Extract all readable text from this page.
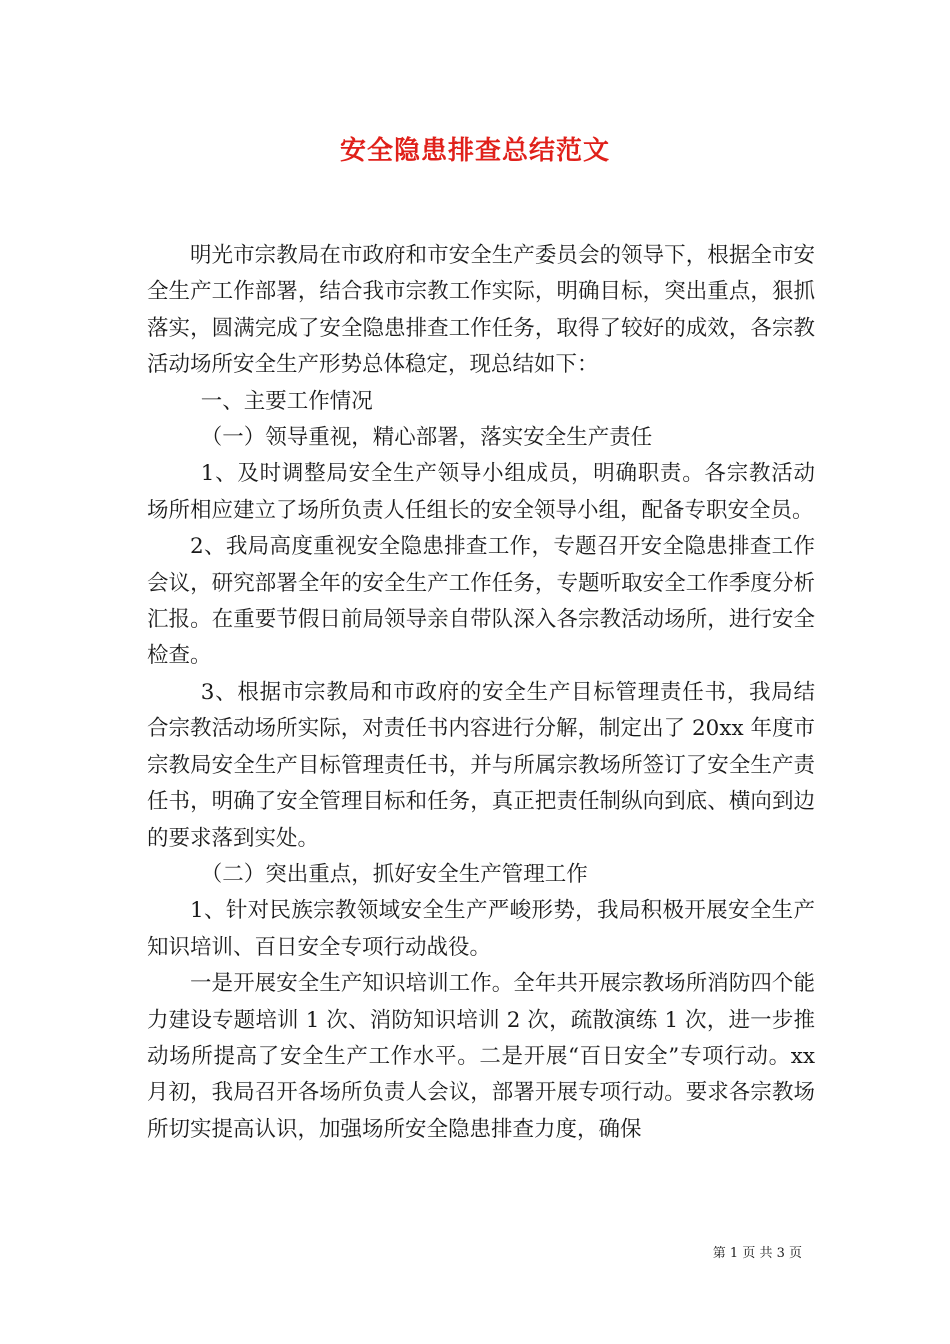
安全隐患排查总结范文

明光市宗教局在市政府和市安全生产委员会的领导下，根据全市安全生产工作部署，结合我市宗教工作实际，明确目标，突出重点，狠抓落实，圆满完成了安全隐患排查工作任务，取得了较好的成效，各宗教活动场所安全生产形势总体稳定，现总结如下：

一、主要工作情况

（一）领导重视，精心部署，落实安全生产责任

1、及时调整局安全生产领导小组成员，明确职责。各宗教活动场所相应建立了场所负责人任组长的安全领导小组，配备专职安全员。

2、我局高度重视安全隐患排查工作，专题召开安全隐患排查工作会议，研究部署全年的安全生产工作任务，专题听取安全工作季度分析汇报。在重要节假日前局领导亲自带队深入各宗教活动场所，进行安全检查。

3、根据市宗教局和市政府的安全生产目标管理责任书，我局结合宗教活动场所实际，对责任书内容进行分解，制定出了 20xx 年度市宗教局安全生产目标管理责任书，并与所属宗教场所签订了安全生产责任书，明确了安全管理目标和任务，真正把责任制纵向到底、横向到边的要求落到实处。

（二）突出重点，抓好安全生产管理工作

1、针对民族宗教领域安全生产严峻形势，我局积极开展安全生产知识培训、百日安全专项行动战役。

一是开展安全生产知识培训工作。全年共开展宗教场所消防四个能力建设专题培训 1 次、消防知识培训 2 次，疏散演练 1 次，进一步推动场所提高了安全生产工作水平。二是开展“百日安全”专项行动。xx 月初，我局召开各场所负责人会议，部署开展专项行动。要求各宗教场所切实提高认识，加强场所安全隐患排查力度，确保

第 1 页 共 3 页
